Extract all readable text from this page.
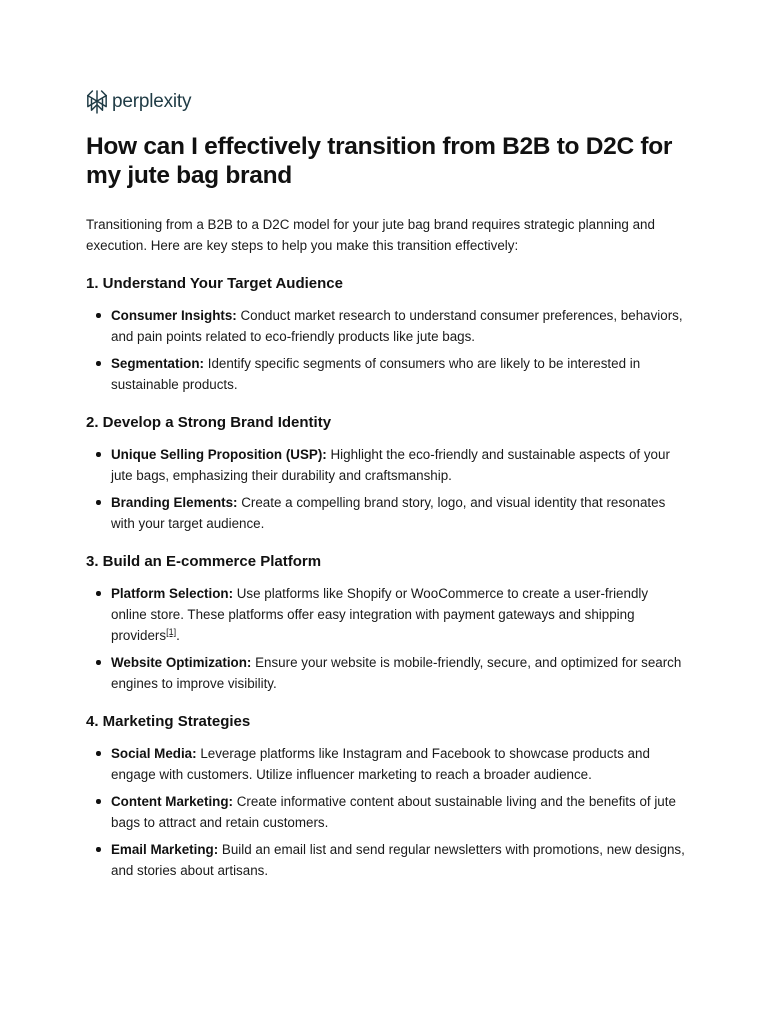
perplexity
How can I effectively transition from B2B to D2C for my jute bag brand

Transitioning from a B2B to a D2C model for your jute bag brand requires strategic planning and execution. Here are key steps to help you make this transition effectively:

1. Understand Your Target Audience
Consumer Insights: Conduct market research to understand consumer preferences, behaviors, and pain points related to eco-friendly products like jute bags.
Segmentation: Identify specific segments of consumers who are likely to be interested in sustainable products.
2. Develop a Strong Brand Identity
Unique Selling Proposition (USP): Highlight the eco-friendly and sustainable aspects of your jute bags, emphasizing their durability and craftsmanship.
Branding Elements: Create a compelling brand story, logo, and visual identity that resonates with your target audience.
3. Build an E-commerce Platform
Platform Selection: Use platforms like Shopify or WooCommerce to create a user-friendly online store. These platforms offer easy integration with payment gateways and shipping providers[1].
Website Optimization: Ensure your website is mobile-friendly, secure, and optimized for search engines to improve visibility.
4. Marketing Strategies
Social Media: Leverage platforms like Instagram and Facebook to showcase products and engage with customers. Utilize influencer marketing to reach a broader audience.
Content Marketing: Create informative content about sustainable living and the benefits of jute bags to attract and retain customers.
Email Marketing: Build an email list and send regular newsletters with promotions, new designs, and stories about artisans.
